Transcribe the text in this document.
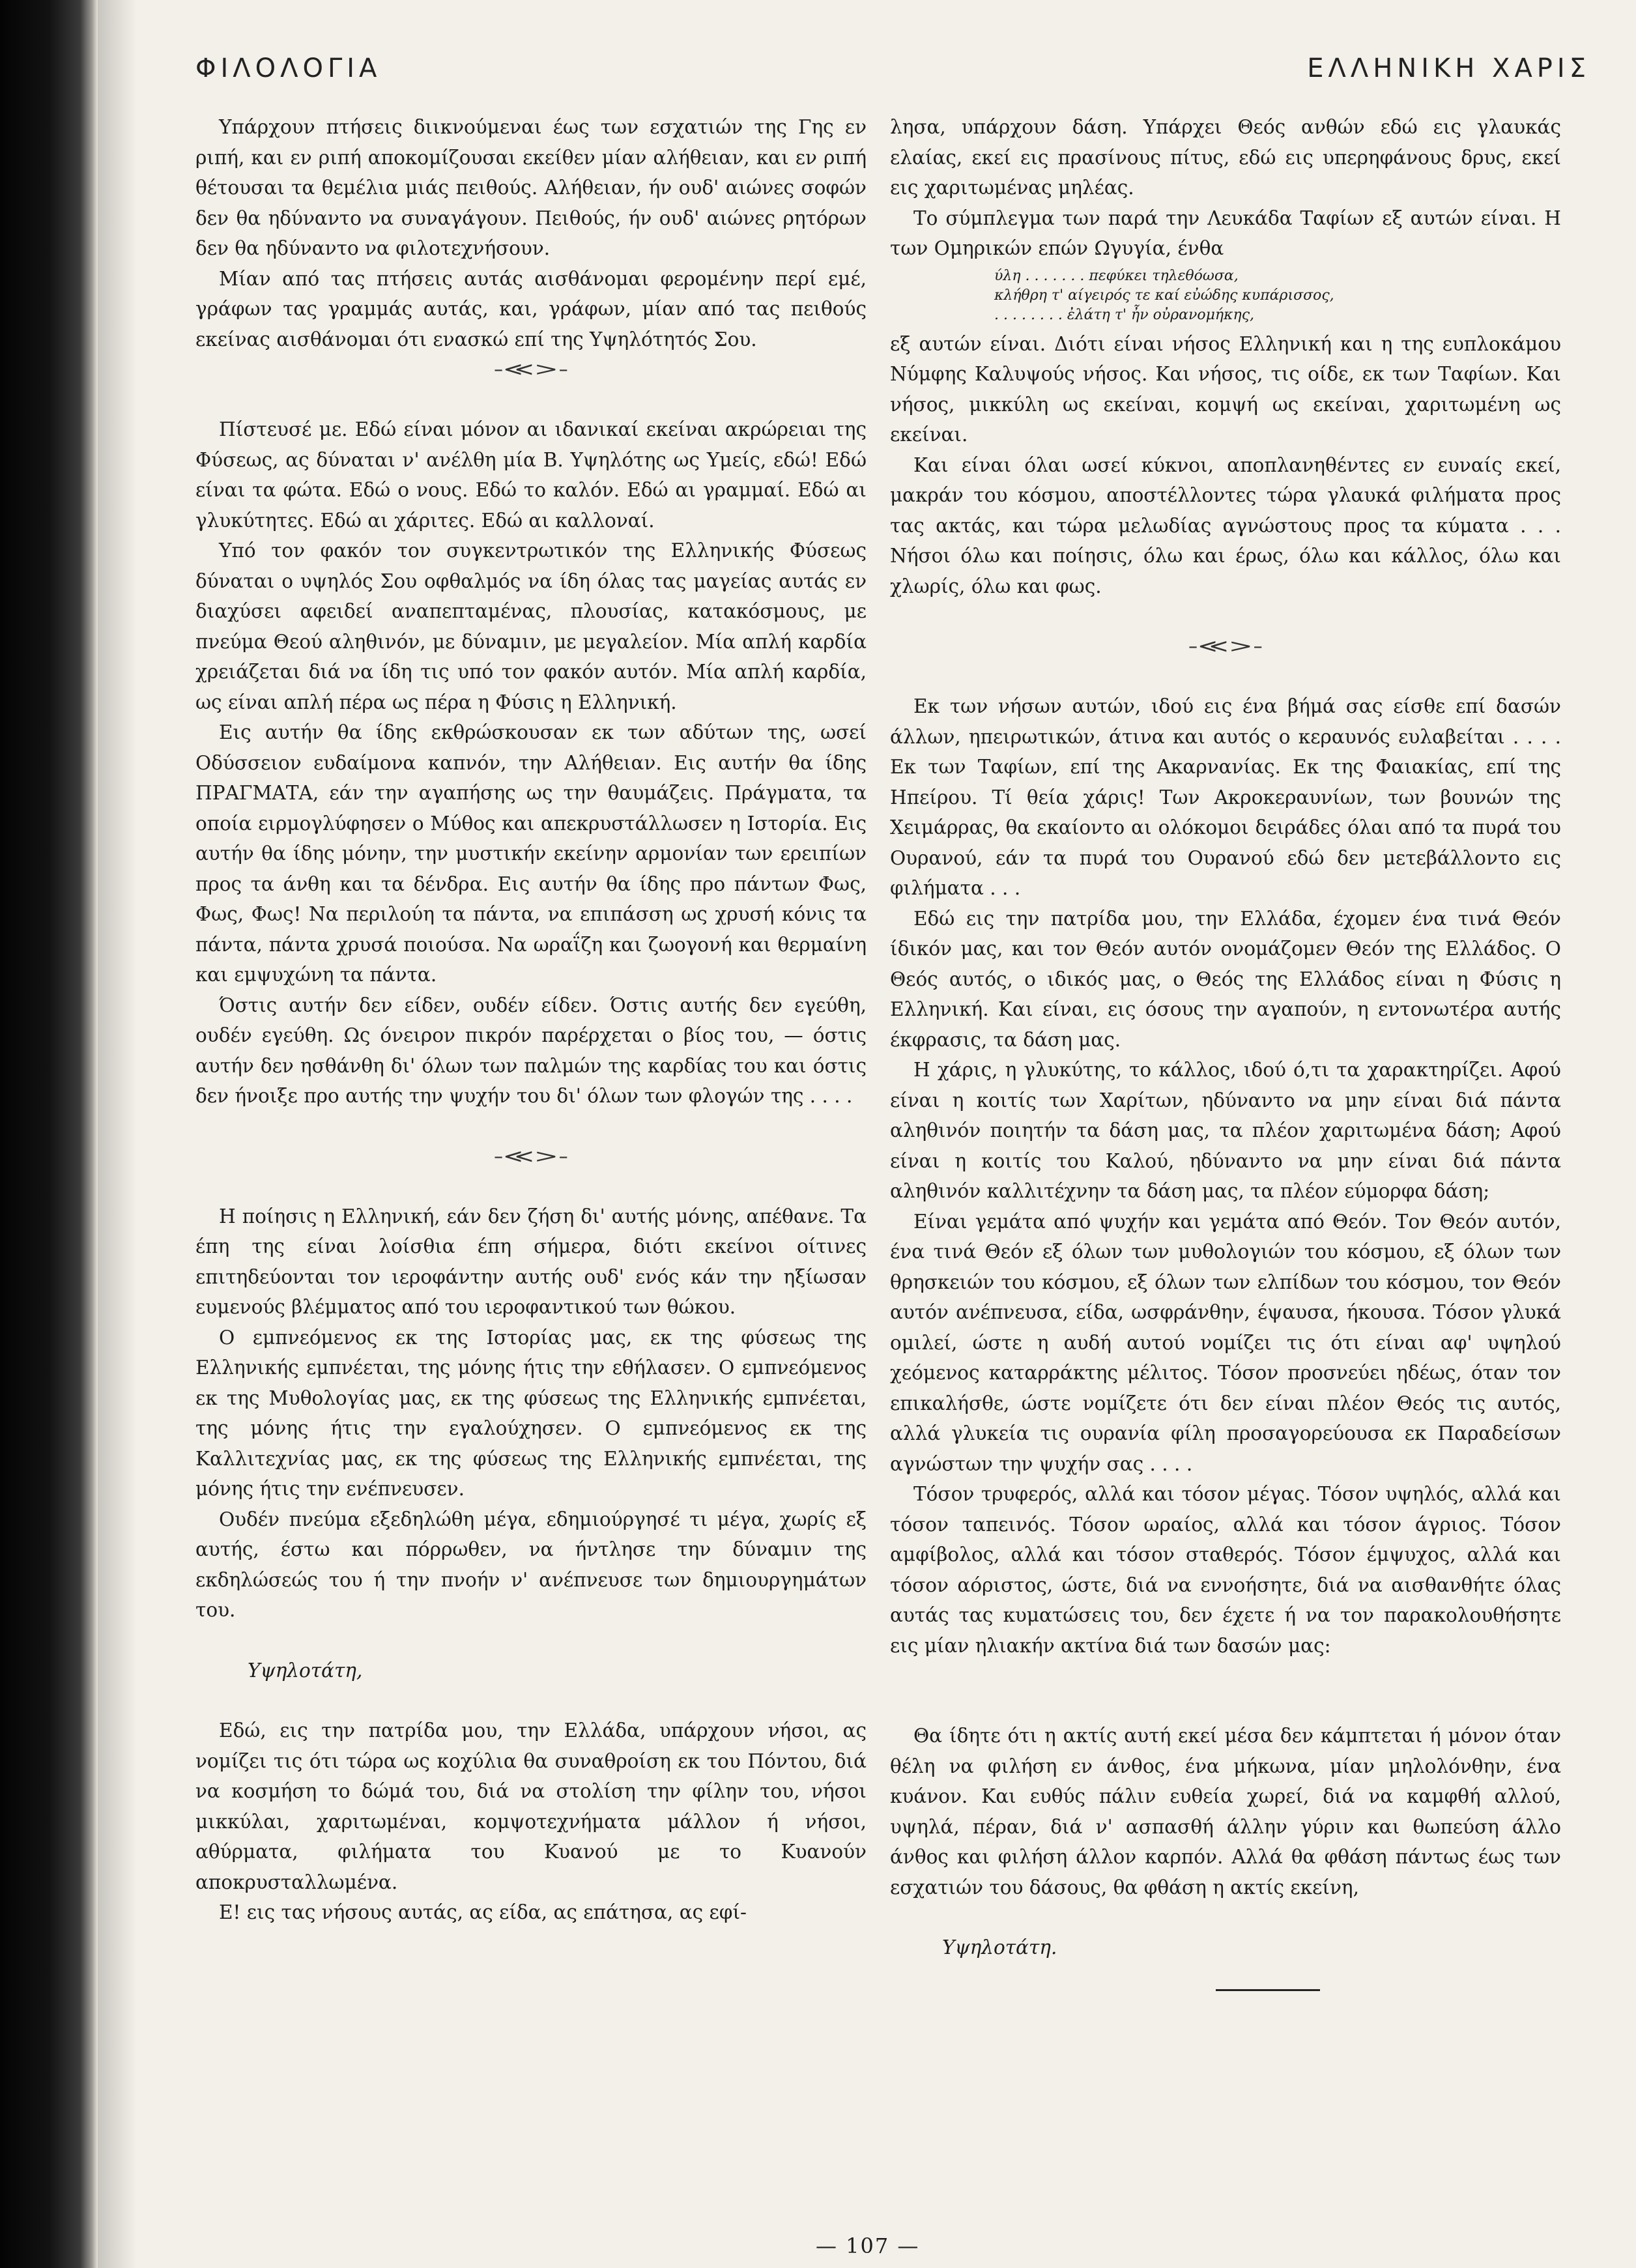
ΦΙΛΟΛΟΓΙΑ	ΕΛΛΗΝΙΚΗ ΧΑΡΙΣ

Υπάρχουν πτήσεις διικνούμεναι έως των εσχατιών της Γης εν ριπή, και εν ριπή αποκομίζουσαι εκείθεν μίαν αλήθειαν, και εν ριπή θέτουσαι τα θεμέλια μιάς πειθούς. Αλήθειαν, ήν ουδ' αιώνες σοφών δεν θα ηδύναντο να συναγάγουν. Πειθούς, ήν ουδ' αιώνες ρητόρων δεν θα ηδύναντο να φιλοτεχνήσουν.

Μίαν από τας πτήσεις αυτάς αισθάνομαι φερομένην περί εμέ, γράφων τας γραμμάς αυτάς, και, γράφων, μίαν από τας πειθούς εκείνας αισθάνομαι ότι ενασκώ επί της Υψηλότητός Σου.

-≪>-

Πίστευσέ με. Εδώ είναι μόνον αι ιδανικαί εκείναι ακρώρειαι της Φύσεως, ας δύναται ν' ανέλθη μία Β. Υψηλότης ως Υμείς, εδώ! Εδώ είναι τα φώτα. Εδώ ο νους. Εδώ το καλόν. Εδώ αι γραμμαί. Εδώ αι γλυκύτητες. Εδώ αι χάριτες. Εδώ αι καλλοναί.

Υπό τον φακόν τον συγκεντρωτικόν της Ελληνικής Φύσεως δύναται ο υψηλός Σου οφθαλμός να ίδη όλας τας μαγείας αυτάς εν διαχύσει αφειδεί αναπεπταμένας, πλουσίας, κατακόσμους, με πνεύμα Θεού αληθινόν, με δύναμιν, με μεγαλείον. Μία απλή καρδία χρειάζεται διά να ίδη τις υπό τον φακόν αυτόν. Μία απλή καρδία, ως είναι απλή πέρα ως πέρα η Φύσις η Ελληνική.

Εις αυτήν θα ίδης εκθρώσκουσαν εκ των αδύτων της, ωσεί Οδύσσειον ευδαίμονα καπνόν, την Αλήθειαν. Εις αυτήν θα ίδης ΠΡΑΓΜΑΤΑ, εάν την αγαπήσης ως την θαυμάζεις. Πράγματα, τα οποία ειρμογλύφησεν ο Μύθος και απεκρυστάλλωσεν η Ιστορία. Εις αυτήν θα ίδης μόνην, την μυστικήν εκείνην αρμονίαν των ερειπίων προς τα άνθη και τα δένδρα. Εις αυτήν θα ίδης προ πάντων Φως, Φως, Φως! Να περιλούη τα πάντα, να επιπάσση ως χρυσή κόνις τα πάντα, πάντα χρυσά ποιούσα. Να ωραΐζη και ζωογονή και θερμαίνη και εμψυχώνη τα πάντα.

Όστις αυτήν δεν είδεν, ουδέν είδεν. Όστις αυτής δεν εγεύθη, ουδέν εγεύθη. Ως όνειρον πικρόν παρέρχεται ο βίος του, — όστις αυτήν δεν ησθάνθη δι' όλων των παλμών της καρδίας του και όστις δεν ήνοιξε προ αυτής την ψυχήν του δι' όλων των φλογών της . . . .

-≪>-

Η ποίησις η Ελληνική, εάν δεν ζήση δι' αυτής μόνης, απέθανε. Τα έπη της είναι λοίσθια έπη σήμερα, διότι εκείνοι οίτινες επιτηδεύονται τον ιεροφάντην αυτής ουδ' ενός κάν την ηξίωσαν ευμενούς βλέμματος από του ιεροφαντικού των θώκου.

Ο εμπνεόμενος εκ της Ιστορίας μας, εκ της φύσεως της Ελληνικής εμπνέεται, της μόνης ήτις την εθήλασεν. Ο εμπνεόμενος εκ της Μυθολογίας μας, εκ της φύσεως της Ελληνικής εμπνέεται, της μόνης ήτις την εγαλούχησεν. Ο εμπνεόμενος εκ της Καλλιτεχνίας μας, εκ της φύσεως της Ελληνικής εμπνέεται, της μόνης ήτις την ενέπνευσεν.

Ουδέν πνεύμα εξεδηλώθη μέγα, εδημιούργησέ τι μέγα, χωρίς εξ αυτής, έστω και πόρρωθεν, να ήντλησε την δύναμιν της εκδηλώσεώς του ή την πνοήν ν' ανέπνευσε των δημιουργημάτων του.

Υψηλοτάτη,

Εδώ, εις την πατρίδα μου, την Ελλάδα, υπάρχουν νήσοι, ας νομίζει τις ότι τώρα ως κοχύλια θα συναθροίση εκ του Πόντου, διά να κοσμήση το δώμά του, διά να στολίση την φίλην του, νήσοι μικκύλαι, χαριτωμέναι, κομψοτεχνήματα μάλλον ή νήσοι, αθύρματα, φιλήματα του Κυανού με το Κυανούν αποκρυσταλλωμένα.

Ε! εις τας νήσους αυτάς, ας είδα, ας επάτησα, ας εφί-

λησα, υπάρχουν δάση. Υπάρχει Θεός ανθών εδώ εις γλαυκάς ελαίας, εκεί εις πρασίνους πίτυς, εδώ εις υπερηφάνους δρυς, εκεί εις χαριτωμένας μηλέας.

Το σύμπλεγμα των παρά την Λευκάδα Ταφίων εξ αυτών είναι. Η των Ομηρικών επών Ωγυγία, ένθα

ύλη . . . . . . . πεφύκει τηλεθόωσα,
κλήθρη τ' αίγειρός τε καί εὐώδης κυπάρισσος,
. . . . . . . . ἐλάτη τ' ἦν οὐρανομήκης,

εξ αυτών είναι. Διότι είναι νήσος Ελληνική και η της ευπλοκάμου Νύμφης Καλυψούς νήσος. Και νήσος, τις οίδε, εκ των Ταφίων. Και νήσος, μικκύλη ως εκείναι, κομψή ως εκείναι, χαριτωμένη ως εκείναι.

Και είναι όλαι ωσεί κύκνοι, αποπλανηθέντες εν ευναίς εκεί, μακράν του κόσμου, αποστέλλοντες τώρα γλαυκά φιλήματα προς τας ακτάς, και τώρα μελωδίας αγνώστους προς τα κύματα . . . Νήσοι όλω και ποίησις, όλω και έρως, όλω και κάλλος, όλω και χλωρίς, όλω και φως.

-≪>-

Εκ των νήσων αυτών, ιδού εις ένα βήμά σας είσθε επί δασών άλλων, ηπειρωτικών, άτινα και αυτός ο κεραυνός ευλαβείται . . . . Εκ των Ταφίων, επί της Ακαρνανίας. Εκ της Φαιακίας, επί της Ηπείρου. Τί θεία χάρις! Των Ακροκεραυνίων, των βουνών της Χειμάρρας, θα εκαίοντο αι ολόκομοι δειράδες όλαι από τα πυρά του Ουρανού, εάν τα πυρά του Ουρανού εδώ δεν μετεβάλλοντο εις φιλήματα . . .

Εδώ εις την πατρίδα μου, την Ελλάδα, έχομεν ένα τινά Θεόν ίδικόν μας, και τον Θεόν αυτόν ονομάζομεν Θεόν της Ελλάδος. Ο Θεός αυτός, ο ιδικός μας, ο Θεός της Ελλάδος είναι η Φύσις η Ελληνική. Και είναι, εις όσους την αγαπούν, η εντονωτέρα αυτής έκφρασις, τα δάση μας.

Η χάρις, η γλυκύτης, το κάλλος, ιδού ό,τι τα χαρακτηρίζει. Αφού είναι η κοιτίς των Χαρίτων, ηδύναντο να μην είναι διά πάντα αληθινόν ποιητήν τα δάση μας, τα πλέον χαριτωμένα δάση; Αφού είναι η κοιτίς του Καλού, ηδύναντο να μην είναι διά πάντα αληθινόν καλλιτέχνην τα δάση μας, τα πλέον εύμορφα δάση;

Είναι γεμάτα από ψυχήν και γεμάτα από Θεόν. Τον Θεόν αυτόν, ένα τινά Θεόν εξ όλων των μυθολογιών του κόσμου, εξ όλων των θρησκειών του κόσμου, εξ όλων των ελπίδων του κόσμου, τον Θεόν αυτόν ανέπνευσα, είδα, ωσφράνθην, έψαυσα, ήκουσα. Τόσον γλυκά ομιλεί, ώστε η αυδή αυτού νομίζει τις ότι είναι αφ' υψηλού χεόμενος καταρράκτης μέλιτος. Τόσον προσνεύει ηδέως, όταν τον επικαλήσθε, ώστε νομίζετε ότι δεν είναι πλέον Θεός τις αυτός, αλλά γλυκεία τις ουρανία φίλη προσαγορεύουσα εκ Παραδείσων αγνώστων την ψυχήν σας . . . .

Τόσον τρυφερός, αλλά και τόσον μέγας. Τόσον υψηλός, αλλά και τόσον ταπεινός. Τόσον ωραίος, αλλά και τόσον άγριος. Τόσον αμφίβολος, αλλά και τόσον σταθερός. Τόσον έμψυχος, αλλά και τόσον αόριστος, ώστε, διά να εννοήσητε, διά να αισθανθήτε όλας αυτάς τας κυματώσεις του, δεν έχετε ή να τον παρακολουθήσητε εις μίαν ηλιακήν ακτίνα διά των δασών μας:

Θα ίδητε ότι η ακτίς αυτή εκεί μέσα δεν κάμπτεται ή μόνον όταν θέλη να φιλήση εν άνθος, ένα μήκωνα, μίαν μηλολόνθην, ένα κυάνον. Και ευθύς πάλιν ευθεία χωρεί, διά να καμφθή αλλού, υψηλά, πέραν, διά ν' ασπασθή άλλην γύριν και θωπεύση άλλο άνθος και φιλήση άλλον καρπόν. Αλλά θα φθάση πάντως έως των εσχατιών του δάσους, θα φθάση η ακτίς εκείνη,

Υψηλοτάτη.

— 107 —
